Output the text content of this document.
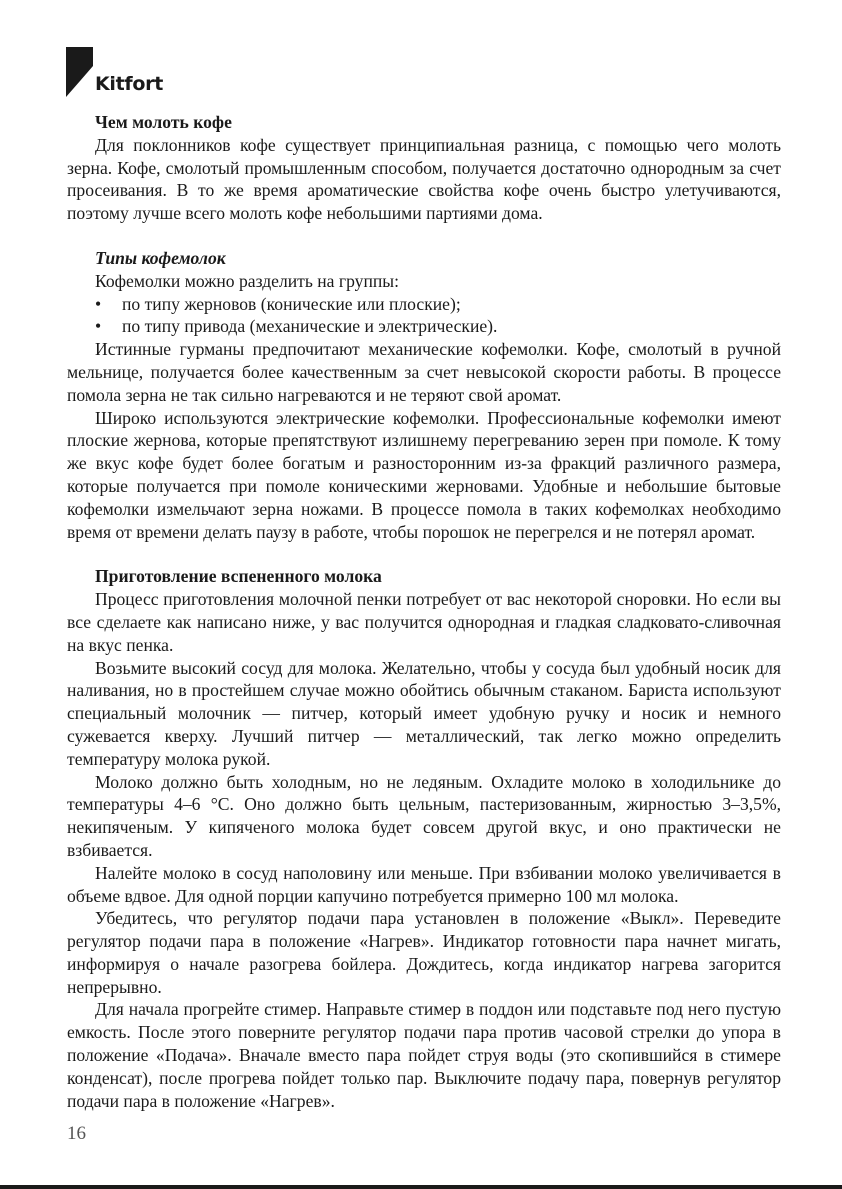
Kitfort

Чем молоть кофе

Для поклонников кофе существует принципиальная разница, с помощью чего молоть зерна. Кофе, смолотый промышленным способом, получается достаточно однородным за счет просеивания. В то же время ароматические свойства кофе очень быстро улетучиваются, поэтому лучше всего молоть кофе небольшими партиями дома.

Типы кофемолок

Кофемолки можно разделить на группы:

• по типу жерновов (конические или плоские);
• по типу привода (механические и электрические).

Истинные гурманы предпочитают механические кофемолки. Кофе, смолотый в ручной мельнице, получается более качественным за счет невысокой скорости работы. В процессе помола зерна не так сильно нагреваются и не теряют свой аромат.

Широко используются электрические кофемолки. Профессиональные кофемолки имеют плоские жернова, которые препятствуют излишнему перегреванию зерен при помоле. К тому же вкус кофе будет более богатым и разносторонним из-за фракций различного размера, которые получается при помоле коническими жерновами. Удобные и небольшие бытовые кофемолки измельчают зерна ножами. В процессе помола в таких кофемолках необходимо время от времени делать паузу в работе, чтобы порошок не перегрелся и не потерял аромат.

Приготовление вспененного молока

Процесс приготовления молочной пенки потребует от вас некоторой сноровки. Но если вы все сделаете как написано ниже, у вас получится однородная и гладкая сладковато-сливочная на вкус пенка.

Возьмите высокий сосуд для молока. Желательно, чтобы у сосуда был удобный носик для наливания, но в простейшем случае можно обойтись обычным стаканом. Бариста используют специальный молочник — питчер, который имеет удобную ручку и носик и немного сужевается кверху. Лучший питчер — металлический, так легко можно определить температуру молока рукой.

Молоко должно быть холодным, но не ледяным. Охладите молоко в холодильнике до температуры 4–6 °C. Оно должно быть цельным, пастеризованным, жирностью 3–3,5%, некипяченым. У кипяченого молока будет совсем другой вкус, и оно практически не взбивается.

Налейте молоко в сосуд наполовину или меньше. При взбивании молоко увеличивается в объеме вдвое. Для одной порции капучино потребуется примерно 100 мл молока.

Убедитесь, что регулятор подачи пара установлен в положение «Выкл». Переведите регулятор подачи пара в положение «Нагрев». Индикатор готовности пара начнет мигать, информируя о начале разогрева бойлера. Дождитесь, когда индикатор нагрева загорится непрерывно.

Для начала прогрейте стимер. Направьте стимер в поддон или подставьте под него пустую емкость. После этого поверните регулятор подачи пара против часовой стрелки до упора в положение «Подача». Вначале вместо пара пойдет струя воды (это скопившийся в стимере конденсат), после прогрева пойдет только пар. Выключите подачу пара, повернув регулятор подачи пара в положение «Нагрев».

16
